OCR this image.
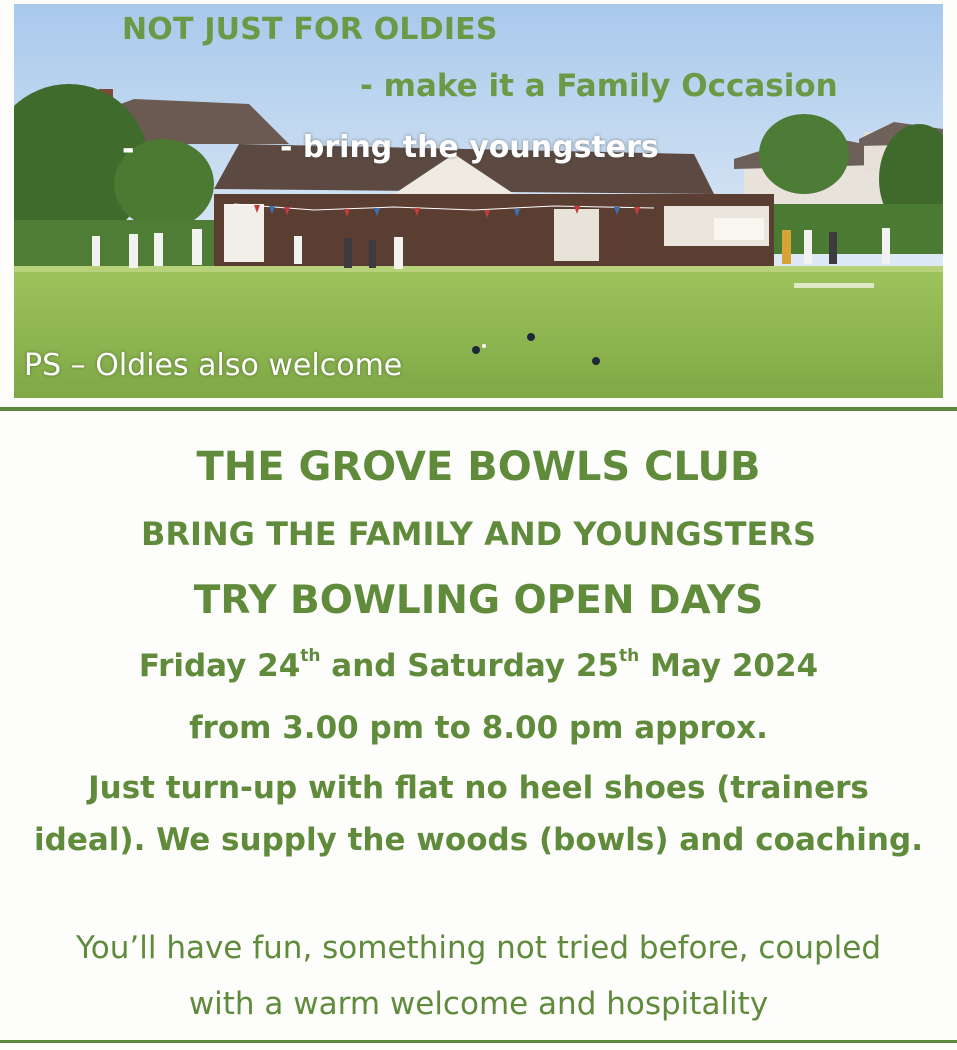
NOT JUST FOR OLDIES
- make it a Family Occasion
-	- bring the youngsters
PS – Oldies also welcome
THE GROVE BOWLS CLUB
BRING THE FAMILY AND YOUNGSTERS
TRY BOWLING OPEN DAYS
Friday 24th and Saturday 25th May 2024
from 3.00 pm to 8.00 pm approx.
Just turn-up with flat no heel shoes (trainers ideal). We supply the woods (bowls) and coaching.
You’ll have fun, something not tried before, coupled with a warm welcome and hospitality
